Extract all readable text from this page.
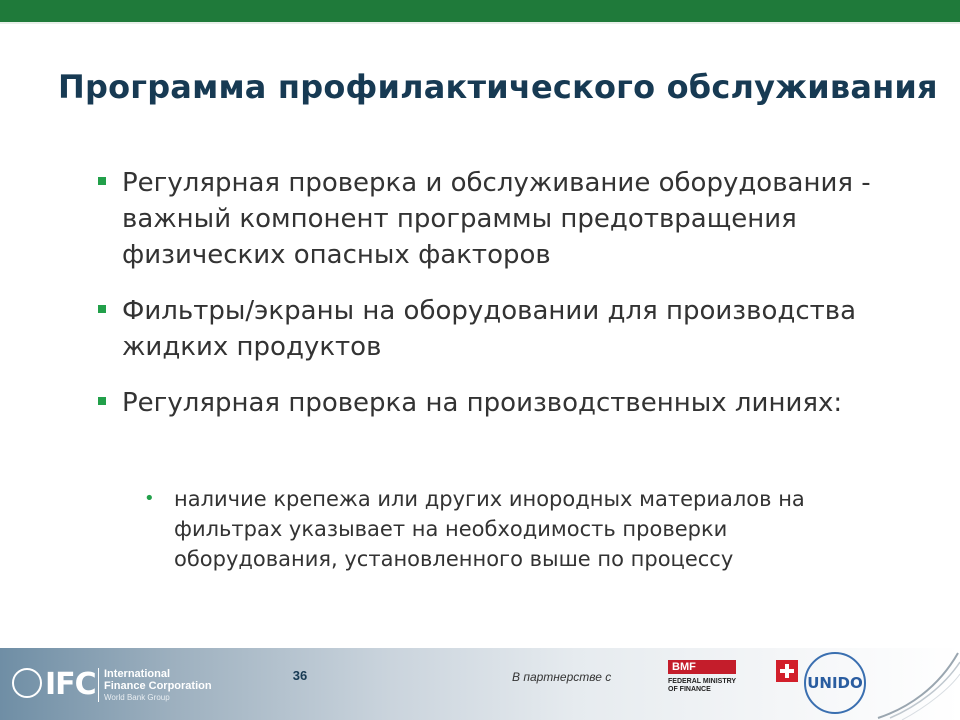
Программа профилактического обслуживания
Регулярная проверка и обслуживание оборудования - важный компонент программы предотвращения физических опасных факторов
Фильтры/экраны на оборудовании для производства жидких продуктов
Регулярная проверка на производственных линиях:
• наличие крепежа или других инородных материалов на фильтрах указывает на необходимость проверки оборудования, установленного выше по процессу
IFC International
Finance Corporation
World Bank Group
36	В партнерстве с
BMF
FEDERAL MINISTRY
OF FINANCE	UNIDO
